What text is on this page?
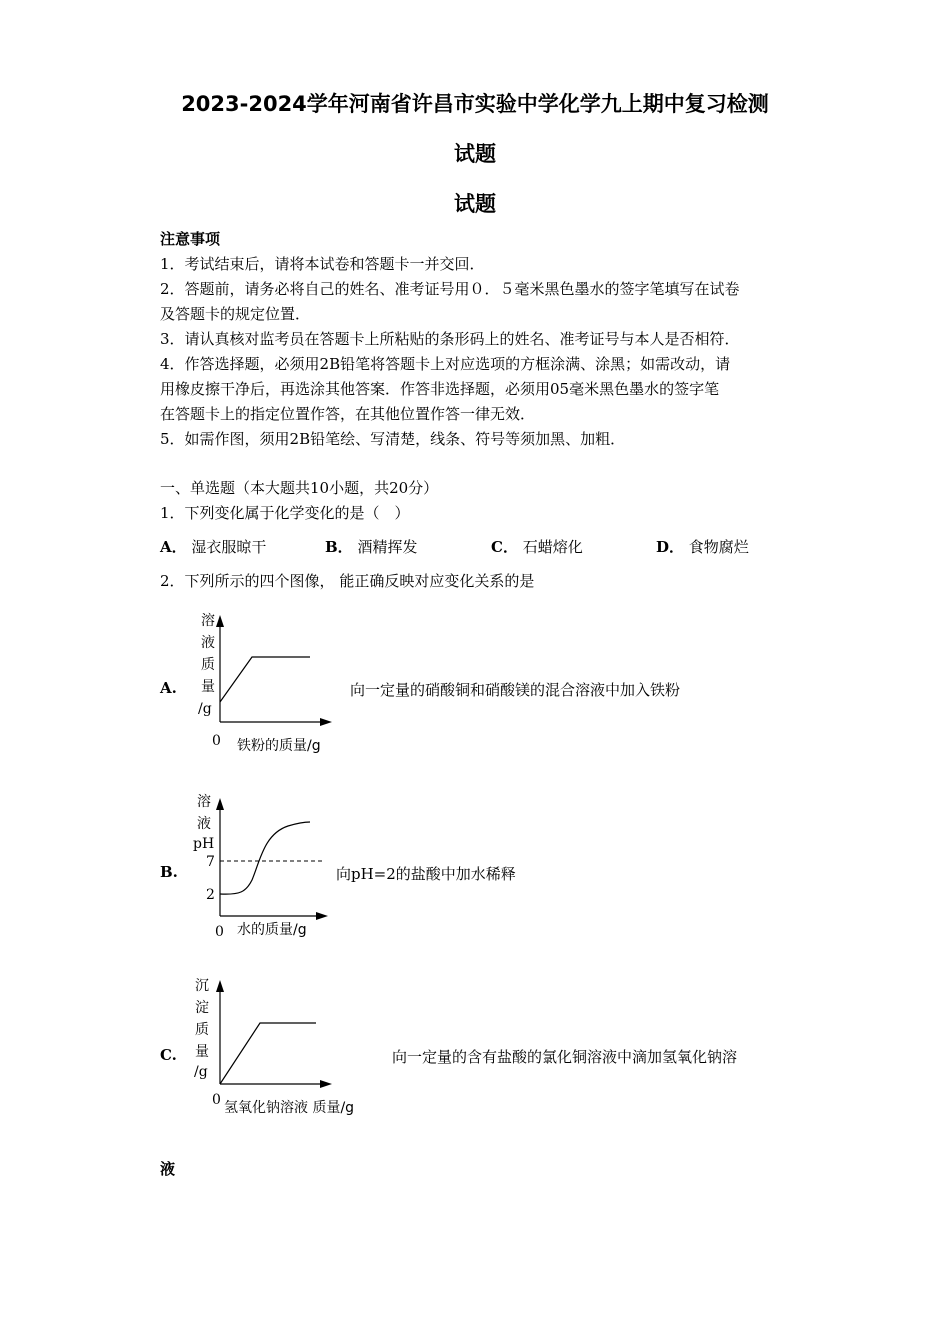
2023-2024学年河南省许昌市实验中学化学九上期中复习检测
试题
试题
注意事项
1．考试结束后，请将本试卷和答题卡一并交回．
2．答题前，请务必将自己的姓名、准考证号用０．５毫米黑色墨水的签字笔填写在试卷
及答题卡的规定位置．
3．请认真核对监考员在答题卡上所粘贴的条形码上的姓名、准考证号与本人是否相符．
4．作答选择题，必须用2B铅笔将答题卡上对应选项的方框涂满、涂黑；如需改动，请
用橡皮擦干净后，再选涂其他答案．作答非选择题，必须用05毫米黑色墨水的签字笔
在答题卡上的指定位置作答，在其他位置作答一律无效．
5．如需作图，须用2B铅笔绘、写清楚，线条、符号等须加黑、加粗．
一、单选题（本大题共10小题，共20分）
1．下列变化属于化学变化的是（　）
A． 湿衣服晾干	B． 酒精挥发	C． 石蜡熔化	D． 食物腐烂
2．下列所示的四个图像， 能正确反映对应变化关系的是
A.
溶
液
质
量
/g
0 铁粉的质量/g
向一定量的硝酸铜和硝酸镁的混合溶液中加入铁粉
B.
溶
液
pH
7
2
0 水的质量/g
向pH=2的盐酸中加水稀释
C.
沉
淀
质
量
/g
0 氢氧化钠溶液 质量/g
向一定量的含有盐酸的氯化铜溶液中滴加氢氧化钠溶
液
